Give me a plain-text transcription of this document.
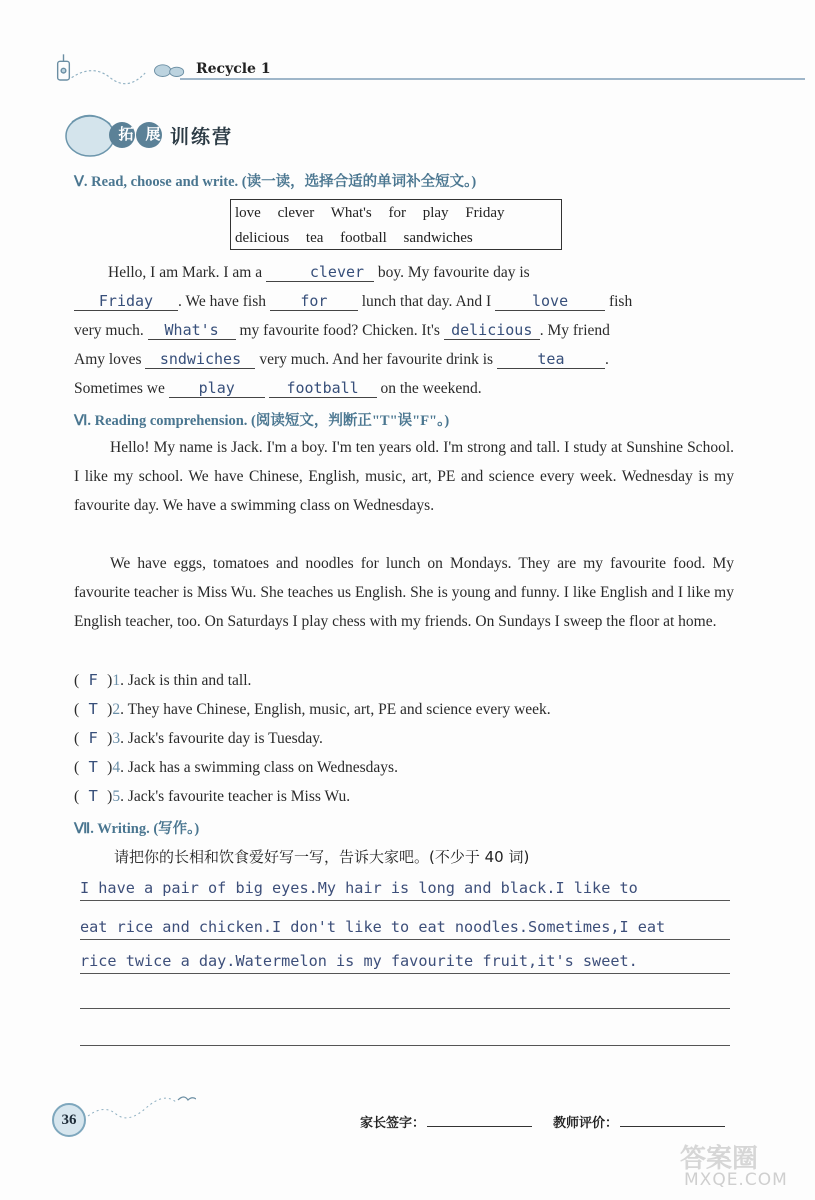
Recycle 1
拓 展 训练营
Ⅴ. Read, choose and write. (读一读，选择合适的单词补全短文。)
love clever What's for play Friday
delicious tea football sandwiches
Hello, I am Mark. I am a	clever boy. My favourite day is
Friday . We have fish for lunch that day. And I love fish
very much. What's my favourite food? Chicken. It's delicious . My friend
Amy loves sndwiches very much. And her favourite drink is	tea	.
Sometimes we play	football on the weekend.
Ⅵ. Reading comprehension. (阅读短文，判断正"T"误"F"。)
Hello! My name is Jack. I'm a boy. I'm ten years old. I'm strong and tall. I study at Sunshine School. I like my school. We have Chinese, English, music, art, PE and science every week. Wednesday is my favourite day. We have a swimming class on Wednesdays.
We have eggs, tomatoes and noodles for lunch on Mondays. They are my favourite food. My favourite teacher is Miss Wu. She teaches us English. She is young and funny. I like English and I like my English teacher, too. On Saturdays I play chess with my friends. On Sundays I sweep the floor at home.
( F )1. Jack is thin and tall.
( T )2. They have Chinese, English, music, art, PE and science every week.
( F )3. Jack's favourite day is Tuesday.
( T )4. Jack has a swimming class on Wednesdays.
( T )5. Jack's favourite teacher is Miss Wu.
Ⅶ. Writing. (写作。)
请把你的长相和饮食爱好写一写，告诉大家吧。(不少于 40 词)
I have a pair of big eyes.My hair is long and black.I like to
eat rice and chicken.I don't like to eat noodles.Sometimes,I eat
rice twice a day.Watermelon is my favourite fruit,it's sweet.
36	家长签字：	教师评价：
答案圈
MXQE.COM
